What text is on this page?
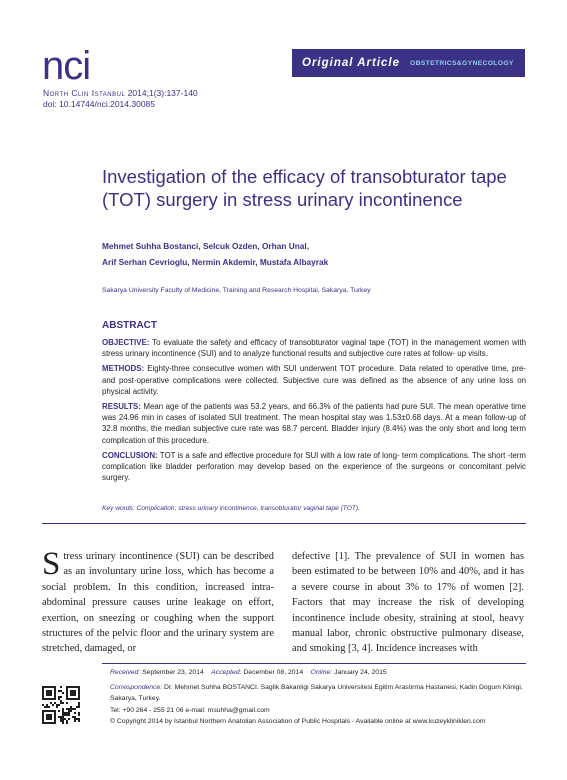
nci	Original Article OBSTETRICS&GYNECOLOGY
North Clin Istanbul 2014;1(3):137-140
doi: 10.14744/nci.2014.30085
Investigation of the efficacy of transobturator tape (TOT) surgery in stress urinary incontinence
Mehmet Suhha Bostanci, Selcuk Ozden, Orhan Unal,
Arif Serhan Cevrioglu, Nermin Akdemir, Mustafa Albayrak
Sakarya University Faculty of Medicine, Training and Research Hospital, Sakarya, Turkey
ABSTRACT

OBJECTIVE: To evaluate the safety and efficacy of transobturator vaginal tape (TOT) in the management women with stress urinary incontinence (SUI) and to analyze functional results and subjective cure rates at follow- up visits.

METHODS: Eighty-three consecutive women with SUI underwent TOT procedure. Data related to operative time, pre- and post-operative complications were collected. Subjective cure was defined as the absence of any urine loss on physical activity.

RESULTS: Mean age of the patients was 53.2 years, and 66.3% of the patients had pure SUI. The mean operative time was 24.96 min in cases of isolated SUI treatment. The mean hospital stay was 1.53±0.68 days. At a mean follow-up of 32.8 months, the median subjective cure rate was 68.7 percent. Bladder injury (8.4%) was the only short and long term complication of this procedure.

CONCLUSION: TOT is a safe and effective procedure for SUI with a low rate of long- term complications. The short -term complication like bladder perforation may develop based on the experience of the surgeons or concomitant pelvic surgery.

Key words: Complication; stress urinary incontinence, transobturator vaginal tape (TOT).
Stress urinary incontinence (SUI) can be described as an involuntary urine loss, which has become a social problem. In this condition, increased intra-abdominal pressure causes urine leakage on effort, exertion, on sneezing or coughing when the support structures of the pelvic floor and the urinary system are stretched, damaged, or
defective [1]. The prevalence of SUI in women has been estimated to be between 10% and 40%, and it has a severe course in about 3% to 17% of women [2]. Factors that may increase the risk of developing incontinence include obesity, straining at stool, heavy manual labor, chronic obstructive pulmonary disease, and smoking [3, 4]. Incidence increases with
Received: September 23, 2014 Accepted: December 08, 2014 Online: January 24, 2015
Correspondence: Dr. Mehmet Suhha BOSTANCI. Saglik Bakanligi Sakarya Universitesi Egitim Arastirma Hastanesi, Kadin Dogum Klinigi, Sakarya, Turkey.
Tel: +90 264 - 255 21 06 e-mail: msuhha@gmail.com
© Copyright 2014 by Istanbul Northern Anatolian Association of Public Hospitals - Available online at www.kuzeyklinikleri.com
